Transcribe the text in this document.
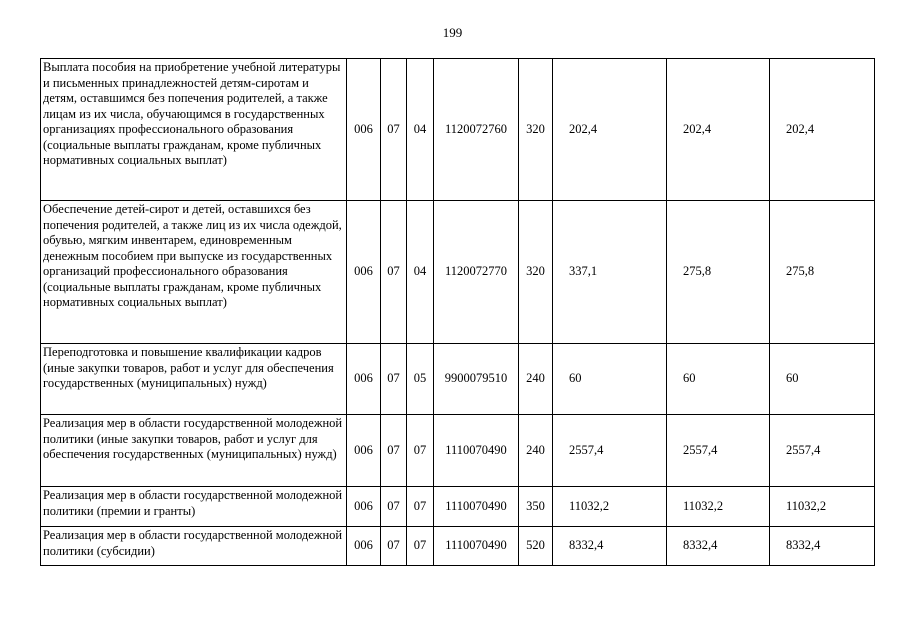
199
Выплата пособия на приобретение учебной литературы и письменных принадлежностей детям-сиротам и детям, оставшимся без попечения родителей, а также лицам из их числа, обучающимся в государственных организациях профессионального образования (социальные выплаты гражданам, кроме публичных нормативных социальных выплат)	006	07	04	1120072760	320	202,4	202,4	202,4
Обеспечение детей-сирот и детей, оставшихся без попечения родителей, а также лиц из их числа одеждой, обувью, мягким инвентарем, единовременным денежным пособием при выпуске из государственных организаций профессионального образования (социальные выплаты гражданам, кроме публичных нормативных социальных выплат)	006	07	04	1120072770	320	337,1	275,8	275,8
Переподготовка и повышение квалификации кадров (иные закупки товаров, работ и услуг для обеспечения государственных (муниципальных) нужд)	006	07	05	9900079510	240	60	60	60
Реализация мер в области государственной молодежной политики (иные закупки товаров, работ и услуг для обеспечения государственных (муниципальных) нужд)	006	07	07	1110070490	240	2557,4	2557,4	2557,4
Реализация мер в области государственной молодежной политики (премии и гранты)	006	07	07	1110070490	350	11032,2	11032,2	11032,2
Реализация мер в области государственной молодежной политики (субсидии)	006	07	07	1110070490	520	8332,4	8332,4	8332,4
